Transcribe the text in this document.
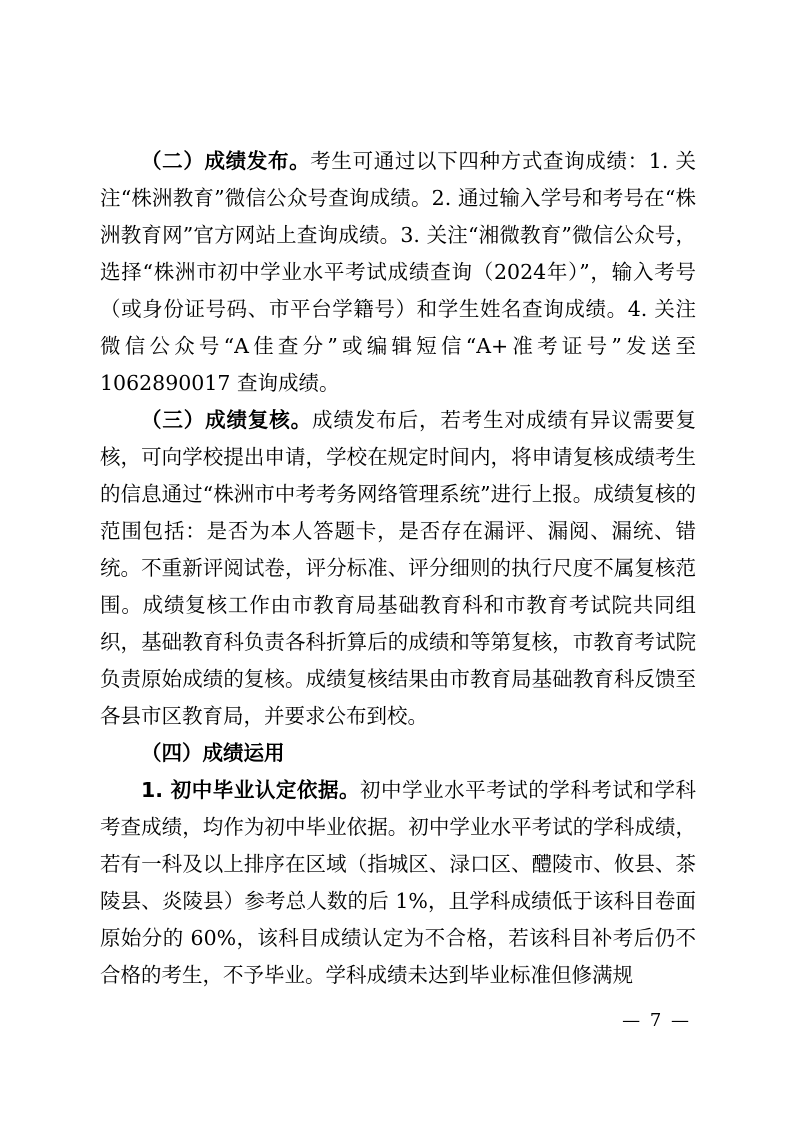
（二）成绩发布。考生可通过以下四种方式查询成绩：1. 关注“株洲教育”微信公众号查询成绩。2. 通过输入学号和考号在“株洲教育网”官方网站上查询成绩。3. 关注“湘微教育”微信公众号，选择“株洲市初中学业水平考试成绩查询（2024年）”，输入考号（或身份证号码、市平台学籍号）和学生姓名查询成绩。4. 关注微信公众号“A佳查分”或编辑短信“A+准考证号”发送至 1062890017 查询成绩。

（三）成绩复核。成绩发布后，若考生对成绩有异议需要复核，可向学校提出申请，学校在规定时间内，将申请复核成绩考生的信息通过“株洲市中考考务网络管理系统”进行上报。成绩复核的范围包括：是否为本人答题卡，是否存在漏评、漏阅、漏统、错统。不重新评阅试卷，评分标准、评分细则的执行尺度不属复核范围。成绩复核工作由市教育局基础教育科和市教育考试院共同组织，基础教育科负责各科折算后的成绩和等第复核，市教育考试院负责原始成绩的复核。成绩复核结果由市教育局基础教育科反馈至各县市区教育局，并要求公布到校。

（四）成绩运用

1. 初中毕业认定依据。初中学业水平考试的学科考试和学科考查成绩，均作为初中毕业依据。初中学业水平考试的学科成绩，若有一科及以上排序在区域（指城区、渌口区、醴陵市、攸县、茶陵县、炎陵县）参考总人数的后 1%，且学科成绩低于该科目卷面原始分的 60%，该科目成绩认定为不合格，若该科目补考后仍不合格的考生，不予毕业。学科成绩未达到毕业标准但修满规

— 7 —
